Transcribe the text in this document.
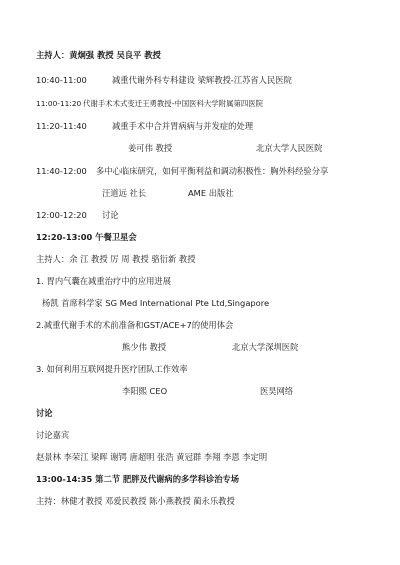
主持人：黄炯强 教授 吴良平 教授
10:40-11:00	减重代谢外科专科建设 梁辉教授-江苏省人民医院
11:00-11:20 代谢手术术式变迁王勇教授-中国医科大学附属第四医院
11:20-11:40	减重手术中合并胃病病与并发症的处理
姜可伟 教授	北京大学人民医院
11:40-12:00 多中心临床研究，如何平衡利益和调动积极性：胸外科经验分享
汪道远 社长	AME 出版社
12:00-12:20 讨论
12:20-13:00 午餐卫星会
主持人：余 江 教授 厉 周 教授 骆衍新 教授
1. 胃内气囊在减重治疗中的应用进展
杨凯 首席科学家 SG Med International Pte Ltd,Singapore
2.减重代谢手术的术前准备和GST/ACE+7的使用体会
熊少伟 教授	北京大学深圳医院
3. 如何利用互联网提升医疗团队工作效率
李阳熙 CEO	医昊网络
讨论
讨论嘉宾
赵景林 李荣江 梁晖 谢锷 唐超明 张浩 黄冠群 李翔 李恩 李定明
13:00-14:35 第二节 肥胖及代谢病的多学科诊治专场
主持：林健才教授 邓爱民教授 陈小燕教授 蔺永乐教授
